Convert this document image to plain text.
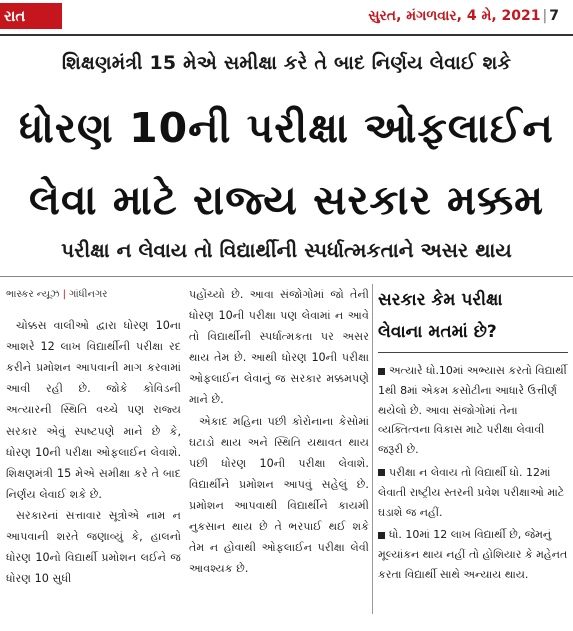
રાત	સુરત, મંગળવાર, 4 મે, 2021 | 7
શિક્ષણમંત્રી 15 મેએ સમીક્ષા કરે તે બાદ નિર્ણય લેવાઈ શકે
ધોરણ 10ની પરીક્ષા ઓફલાઈન
લેવા માટે રાજ્ય સરકાર મક્કમ
પરીક્ષા ન લેવાય તો વિદ્યાર્થીની સ્પર્ધાત્મકતાને અસર થાય

ભાસ્કર ન્યૂઝ | ગાંધીનગર

ચોક્કસ વાલીઓ દ્વારા ધોરણ 10ના આશરે 12 લાખ વિદ્યાર્થીની પરીક્ષા રદ કરીને પ્રમોશન આપવાની માગ કરવામાં આવી રહી છે. જોકે કોવિડની અત્યારની સ્થિતિ વચ્ચે પણ રાજ્ય સરકાર એવું સ્પષ્ટપણે માને છે કે, ધોરણ 10ની પરીક્ષા ઓફલાઈન લેવાશે. શિક્ષણમંત્રી 15 મેએ સમીક્ષા કરે તે બાદ નિર્ણય લેવાઈ શકે છે.

સરકારનાં સત્તાવાર સૂત્રોએ નામ ન આપવાની શરતે જણાવ્યું કે, હાલનો ધોરણ 10નો વિદ્યાર્થી પ્રમોશન લઈને જ ધોરણ 10 સુધી

પહોંચ્યો છે. આવા સંજોગોમાં જો તેની ધોરણ 10ની પરીક્ષા પણ લેવામાં ન આવે તો વિદ્યાર્થીની સ્પર્ધાત્મકતા પર અસર થાય તેમ છે. આથી ધોરણ 10ની પરીક્ષા ઓફલાઈન લેવાનું જ સરકાર મક્કમપણે માને છે.

એકાદ મહિના પછી કોરોનાના કેસોમાં ઘટાડો થાય અને સ્થિતિ યથાવત થાય પછી ધોરણ 10ની પરીક્ષા લેવાશે. વિદ્યાર્થીને પ્રમોશન આપવું સહેલું છે. પ્રમોશન આપવાથી વિદ્યાર્થીને કાયમી નુકસાન થાય છે તે ભરપાઈ થઈ શકે તેમ ન હોવાથી ઓફલાઈન પરીક્ષા લેવી આવશ્યક છે.

સરકાર કેમ પરીક્ષા
લેવાના મતમાં છે?
અત્યારે ધો.10માં અભ્યાસ કરતો વિદ્યાર્થી 1થી 8માં એકમ કસોટીના આધારે ઉત્તીર્ણ થયેલો છે. આવા સંજોગોમાં તેના વ્યક્તિત્વના વિકાસ માટે પરીક્ષા લેવાવી જરૂરી છે.
પરીક્ષા ન લેવાય તો વિદ્યાર્થી ધો. 12માં લેવાતી રાષ્ટ્રીય સ્તરની પ્રવેશ પરીક્ષાઓ માટે ઘડાશે જ નહીં.
ધો. 10માં 12 લાખ વિદ્યાર્થી છે, જેમનું મૂલ્યાંકન થાય નહીં તો હોશિયાર કે મહેનત કરતા વિદ્યાર્થી સાથે અન્યાય થાય.
